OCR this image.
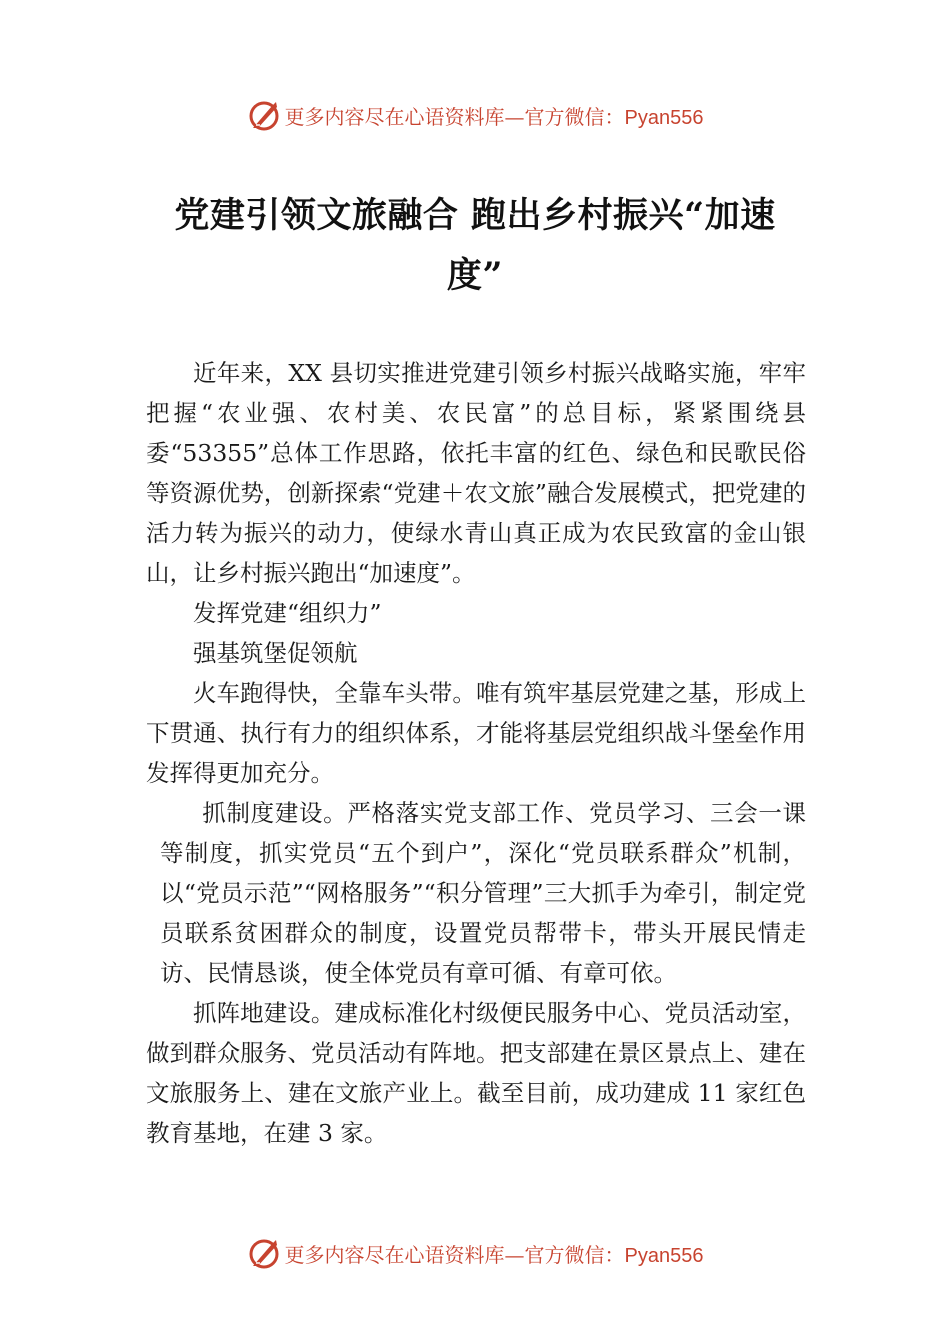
更多内容尽在心语资料库—官方微信：Pyan556
党建引领文旅融合 跑出乡村振兴“加速度”

近年来，XX 县切实推进党建引领乡村振兴战略实施，牢牢把握“农业强、农村美、农民富”的总目标，紧紧围绕县委“53355”总体工作思路，依托丰富的红色、绿色和民歌民俗等资源优势，创新探索“党建＋农文旅”融合发展模式，把党建的活力转为振兴的动力，使绿水青山真正成为农民致富的金山银山，让乡村振兴跑出“加速度”。

发挥党建“组织力”

强基筑堡促领航

火车跑得快，全靠车头带。唯有筑牢基层党建之基，形成上下贯通、执行有力的组织体系，才能将基层党组织战斗堡垒作用发挥得更加充分。

抓制度建设。严格落实党支部工作、党员学习、三会一课等制度，抓实党员“五个到户”，深化“党员联系群众”机制，以“党员示范”“网格服务”“积分管理”三大抓手为牵引，制定党员联系贫困群众的制度，设置党员帮带卡，带头开展民情走访、民情恳谈，使全体党员有章可循、有章可依。

抓阵地建设。建成标准化村级便民服务中心、党员活动室，做到群众服务、党员活动有阵地。把支部建在景区景点上、建在文旅服务上、建在文旅产业上。截至目前，成功建成 11 家红色教育基地，在建 3 家。

更多内容尽在心语资料库—官方微信：Pyan556
